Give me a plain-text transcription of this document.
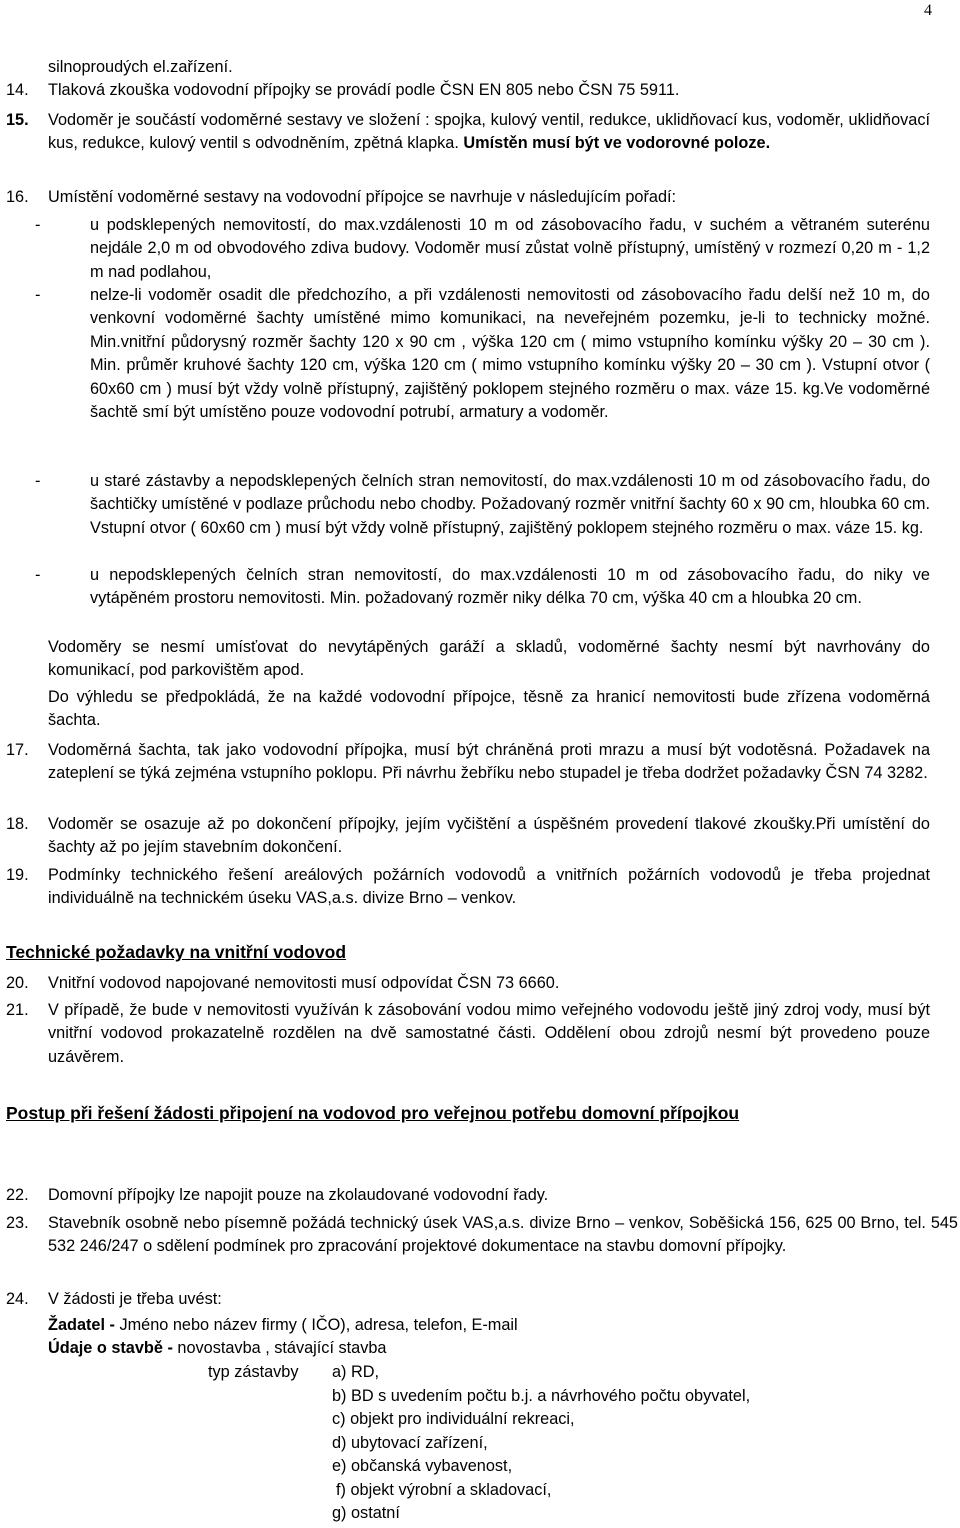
4
silnoproudých el.zařízení.
14. Tlaková zkouška vodovodní přípojky se provádí podle ČSN EN 805 nebo ČSN 75 5911.
15. Vodoměr je součástí vodoměrné sestavy ve složení : spojka, kulový ventil, redukce, uklidňovací kus, vodoměr, uklidňovací kus, redukce, kulový ventil s odvodněním, zpětná klapka. Umístěn musí být ve vodorovné poloze.
16. Umístění vodoměrné sestavy na vodovodní přípojce se navrhuje v následujícím pořadí:
-	u podsklepených nemovitostí, do max.vzdálenosti 10 m od zásobovacího řadu, v suchém a větraném suterénu nejdále 2,0 m od obvodového zdiva budovy. Vodoměr musí zůstat volně přístupný, umístěný v rozmezí 0,20 m - 1,2 m nad podlahou,
-	nelze-li vodoměr osadit dle předchozího, a při vzdálenosti nemovitosti od zásobovacího řadu delší než 10 m, do venkovní vodoměrné šachty umístěné mimo komunikaci, na neveřejném pozemku, je-li to technicky možné. Min.vnitřní půdorysný rozměr šachty 120 x 90 cm , výška 120 cm ( mimo vstupního komínku výšky 20 – 30 cm ). Min. průměr kruhové šachty 120 cm, výška 120 cm ( mimo vstupního komínku výšky 20 – 30 cm ). Vstupní otvor ( 60x60 cm ) musí být vždy volně přístupný, zajištěný poklopem stejného rozměru o max. váze 15. kg.Ve vodoměrné šachtě smí být umístěno pouze vodovodní potrubí, armatury a vodoměr.
-	u staré zástavby a nepodsklepených čelních stran nemovitostí, do max.vzdálenosti 10 m od zásobovacího řadu, do šachtičky umístěné v podlaze průchodu nebo chodby. Požadovaný rozměr vnitřní šachty 60 x 90 cm, hloubka 60 cm. Vstupní otvor ( 60x60 cm ) musí být vždy volně přístupný, zajištěný poklopem stejného rozměru o max. váze 15. kg.
-	u nepodsklepených čelních stran nemovitostí, do max.vzdálenosti 10 m od zásobovacího řadu, do niky ve vytápěném prostoru nemovitosti. Min. požadovaný rozměr niky délka 70 cm, výška 40 cm a hloubka 20 cm.
Vodoměry se nesmí umísťovat do nevytápěných garáží a skladů, vodoměrné šachty nesmí být navrhovány do komunikací, pod parkovištěm apod.
Do výhledu se předpokládá, že na každé vodovodní přípojce, těsně za hranicí nemovitosti bude zřízena vodoměrná šachta.
17. Vodoměrná šachta, tak jako vodovodní přípojka, musí být chráněná proti mrazu a musí být vodotěsná. Požadavek na zateplení se týká zejména vstupního poklopu. Při návrhu žebříku nebo stupadel je třeba dodržet požadavky ČSN 74 3282.
18. Vodoměr se osazuje až po dokončení přípojky, jejím vyčištění a úspěšném provedení tlakové zkoušky.Při umístění do šachty až po jejím stavebním dokončení.
19. Podmínky technického řešení areálových požárních vodovodů a vnitřních požárních vodovodů je třeba projednat individuálně na technickém úseku VAS,a.s. divize Brno – venkov.
Technické požadavky na vnitřní vodovod
20. Vnitřní vodovod napojované nemovitosti musí odpovídat ČSN 73 6660.
21. V případě, že bude v nemovitosti využíván k zásobování vodou mimo veřejného vodovodu ještě jiný zdroj vody, musí být vnitřní vodovod prokazatelně rozdělen na dvě samostatné části. Oddělení obou zdrojů nesmí být provedeno pouze uzávěrem.
Postup při řešení žádosti připojení na vodovod pro veřejnou potřebu domovní přípojkou
22. Domovní přípojky lze napojit pouze na zkolaudované vodovodní řady.
23. Stavebník osobně nebo písemně požádá technický úsek VAS,a.s. divize Brno – venkov, Soběšická 156, 625 00 Brno, tel. 545 532 246/247 o sdělení podmínek pro zpracování projektové dokumentace na stavbu domovní přípojky.
24. V žádosti je třeba uvést:
Žadatel - Jméno nebo název firmy ( IČO), adresa, telefon, E-mail
Údaje o stavbě - novostavba , stávající stavba
typ zástavby a) RD,
b) BD s uvedením počtu b.j. a návrhového počtu obyvatel,
c) objekt pro individuální rekreaci,
d) ubytovací zařízení,
e) občanská vybavenost,
f) objekt výrobní a skladovací,
g) ostatní
